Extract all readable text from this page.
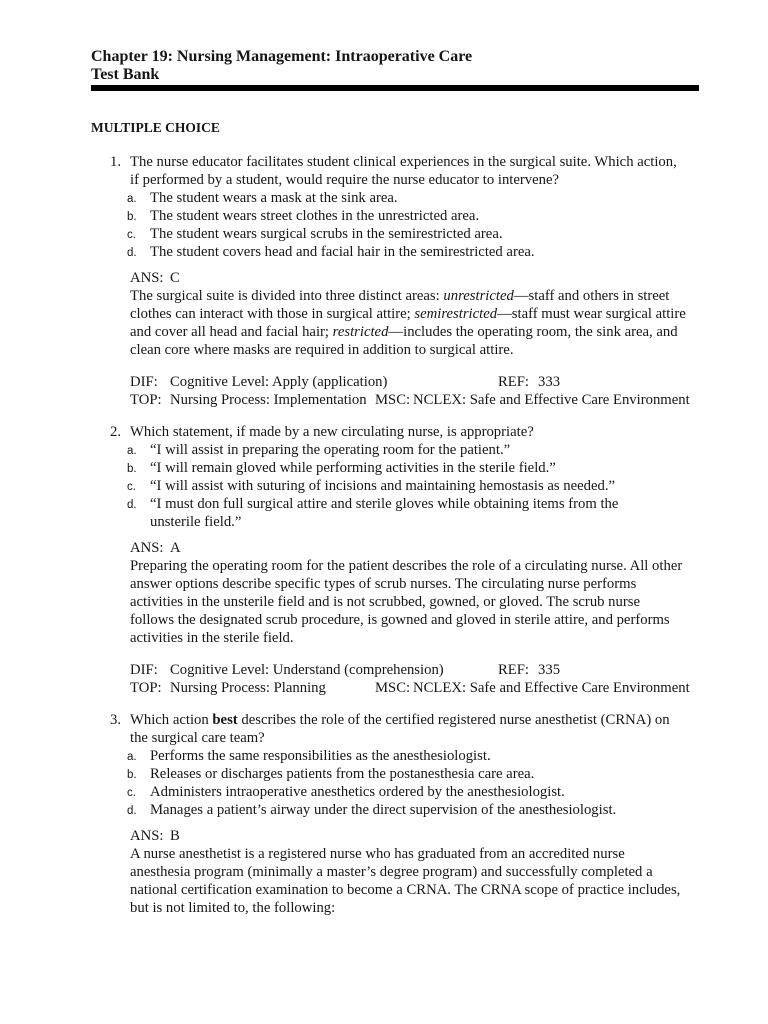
Chapter 19: Nursing Management: Intraoperative Care
Test Bank
MULTIPLE CHOICE
1. The nurse educator facilitates student clinical experiences in the surgical suite. Which action,
if performed by a student, would require the nurse educator to intervene?
a. The student wears a mask at the sink area.
b. The student wears street clothes in the unrestricted area.
c. The student wears surgical scrubs in the semirestricted area.
d. The student covers head and facial hair in the semirestricted area.
ANS: C
The surgical suite is divided into three distinct areas: unrestricted—staff and others in street
clothes can interact with those in surgical attire; semirestricted—staff must wear surgical attire
and cover all head and facial hair; restricted—includes the operating room, the sink area, and
clean core where masks are required in addition to surgical attire.
DIF: Cognitive Level: Apply (application)	REF: 333
TOP: Nursing Process: Implementation MSC: NCLEX: Safe and Effective Care Environment
2. Which statement, if made by a new circulating nurse, is appropriate?
a. “I will assist in preparing the operating room for the patient.”
b. “I will remain gloved while performing activities in the sterile field.”
c. “I will assist with suturing of incisions and maintaining hemostasis as needed.”
d. “I must don full surgical attire and sterile gloves while obtaining items from the
unsterile field.”
ANS: A
Preparing the operating room for the patient describes the role of a circulating nurse. All other
answer options describe specific types of scrub nurses. The circulating nurse performs
activities in the unsterile field and is not scrubbed, gowned, or gloved. The scrub nurse
follows the designated scrub procedure, is gowned and gloved in sterile attire, and performs
activities in the sterile field.
DIF: Cognitive Level: Understand (comprehension)	REF: 335
TOP: Nursing Process: Planning	MSC: NCLEX: Safe and Effective Care Environment
3. Which action best describes the role of the certified registered nurse anesthetist (CRNA) on
the surgical care team?
a. Performs the same responsibilities as the anesthesiologist.
b. Releases or discharges patients from the postanesthesia care area.
c. Administers intraoperative anesthetics ordered by the anesthesiologist.
d. Manages a patient’s airway under the direct supervision of the anesthesiologist.
ANS: B
A nurse anesthetist is a registered nurse who has graduated from an accredited nurse
anesthesia program (minimally a master’s degree program) and successfully completed a
national certification examination to become a CRNA. The CRNA scope of practice includes,
but is not limited to, the following:
